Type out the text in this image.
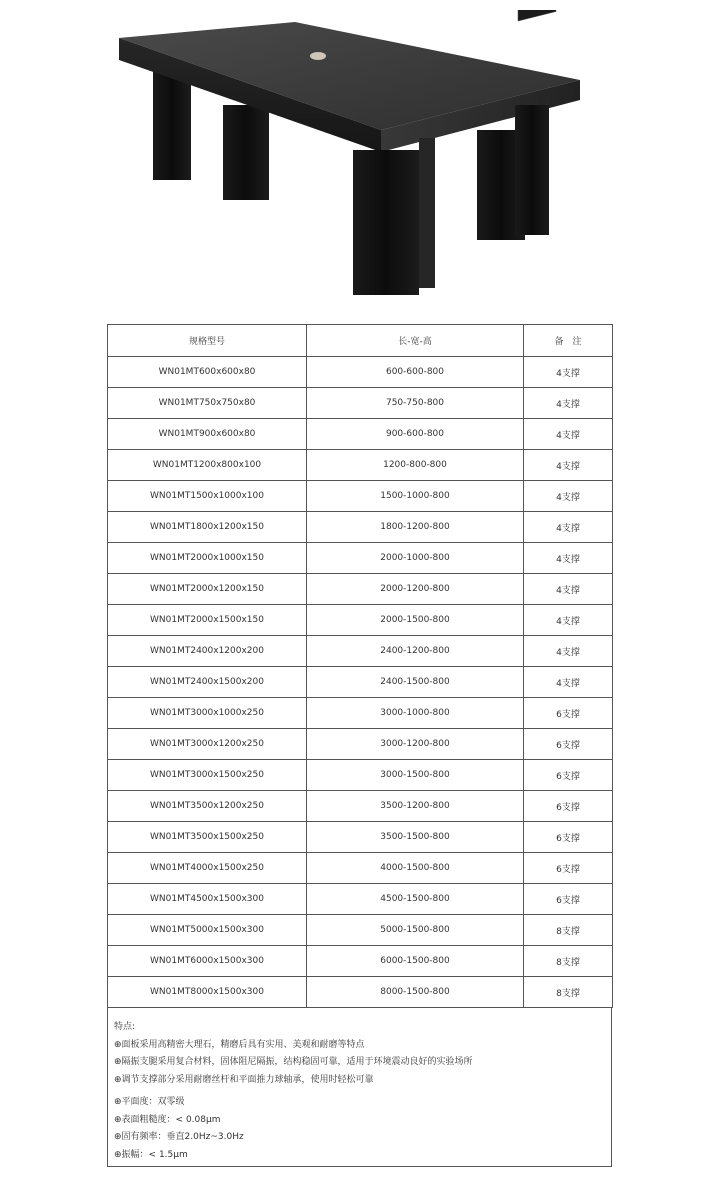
规格型号	长-宽-高	备　注
WN01MT600x600x80	600-600-800	4支撑
WN01MT750x750x80	750-750-800	4支撑
WN01MT900x600x80	900-600-800	4支撑
WN01MT1200x800x100	1200-800-800	4支撑
WN01MT1500x1000x100	1500-1000-800	4支撑
WN01MT1800x1200x150	1800-1200-800	4支撑
WN01MT2000x1000x150	2000-1000-800	4支撑
WN01MT2000x1200x150	2000-1200-800	4支撑
WN01MT2000x1500x150	2000-1500-800	4支撑
WN01MT2400x1200x200	2400-1200-800	4支撑
WN01MT2400x1500x200	2400-1500-800	4支撑
WN01MT3000x1000x250	3000-1000-800	6支撑
WN01MT3000x1200x250	3000-1200-800	6支撑
WN01MT3000x1500x250	3000-1500-800	6支撑
WN01MT3500x1200x250	3500-1200-800	6支撑
WN01MT3500x1500x250	3500-1500-800	6支撑
WN01MT4000x1500x250	4000-1500-800	6支撑
WN01MT4500x1500x300	4500-1500-800	6支撑
WN01MT5000x1500x300	5000-1500-800	8支撑
WN01MT6000x1500x300	6000-1500-800	8支撑
WN01MT8000x1500x300	8000-1500-800	8支撑
特点:
⊕面板采用高精密大理石，精磨后具有实用、美观和耐磨等特点
⊕隔振支腿采用复合材料，固体阻尼隔振，结构稳固可靠，适用于环境震动良好的实验场所
⊕调节支撑部分采用耐磨丝杆和平面推力球轴承，使用时轻松可靠
⊕平面度：双零级
⊕表面粗糙度：< 0.08μm
⊕固有频率：垂直2.0Hz~3.0Hz
⊕振幅：< 1.5μm
